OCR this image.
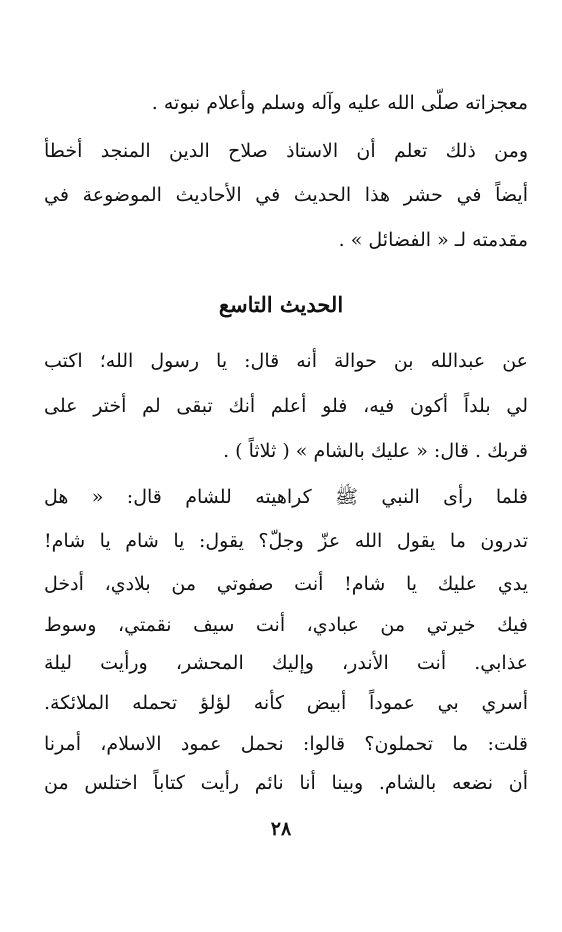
معجزاته صلّى الله عليه وآله وسلم وأعلام نبوته .
ومن ذلك تعلم أن الاستاذ صلاح الدين المنجد أخطأ
أيضاً في حشر هذا الحديث في الأحاديث الموضوعة في
مقدمته لـ « الفضائل » .
الحديث التاسع
عن عبدالله بن حوالة أنه قال: يا رسول الله؛ اكتب
لي بلداً أكون فيه، فلو أعلم أنك تبقى لم أختر على
قربك . قال: « عليك بالشام » ( ثلاثاً ) .
فلما رأى النبي ﷺ كراهيته للشام قال: « هل
تدرون ما يقول الله عزّ وجلّ؟ يقول: يا شام يا شام!
يدي عليك يا شام! أنت صفوتي من بلادي، أدخل
فيك خيرتي من عبادي، أنت سيف نقمتي، وسوط
عذابي. أنت الأندر، وإليك المحشر، ورأيت ليلة
أسري بي عموداً أبيض كأنه لؤلؤ تحمله الملائكة.
قلت: ما تحملون؟ قالوا: نحمل عمود الاسلام، أمرنا
أن نضعه بالشام. وبينا أنا نائم رأيت كتاباً اختلس من
٢٨
